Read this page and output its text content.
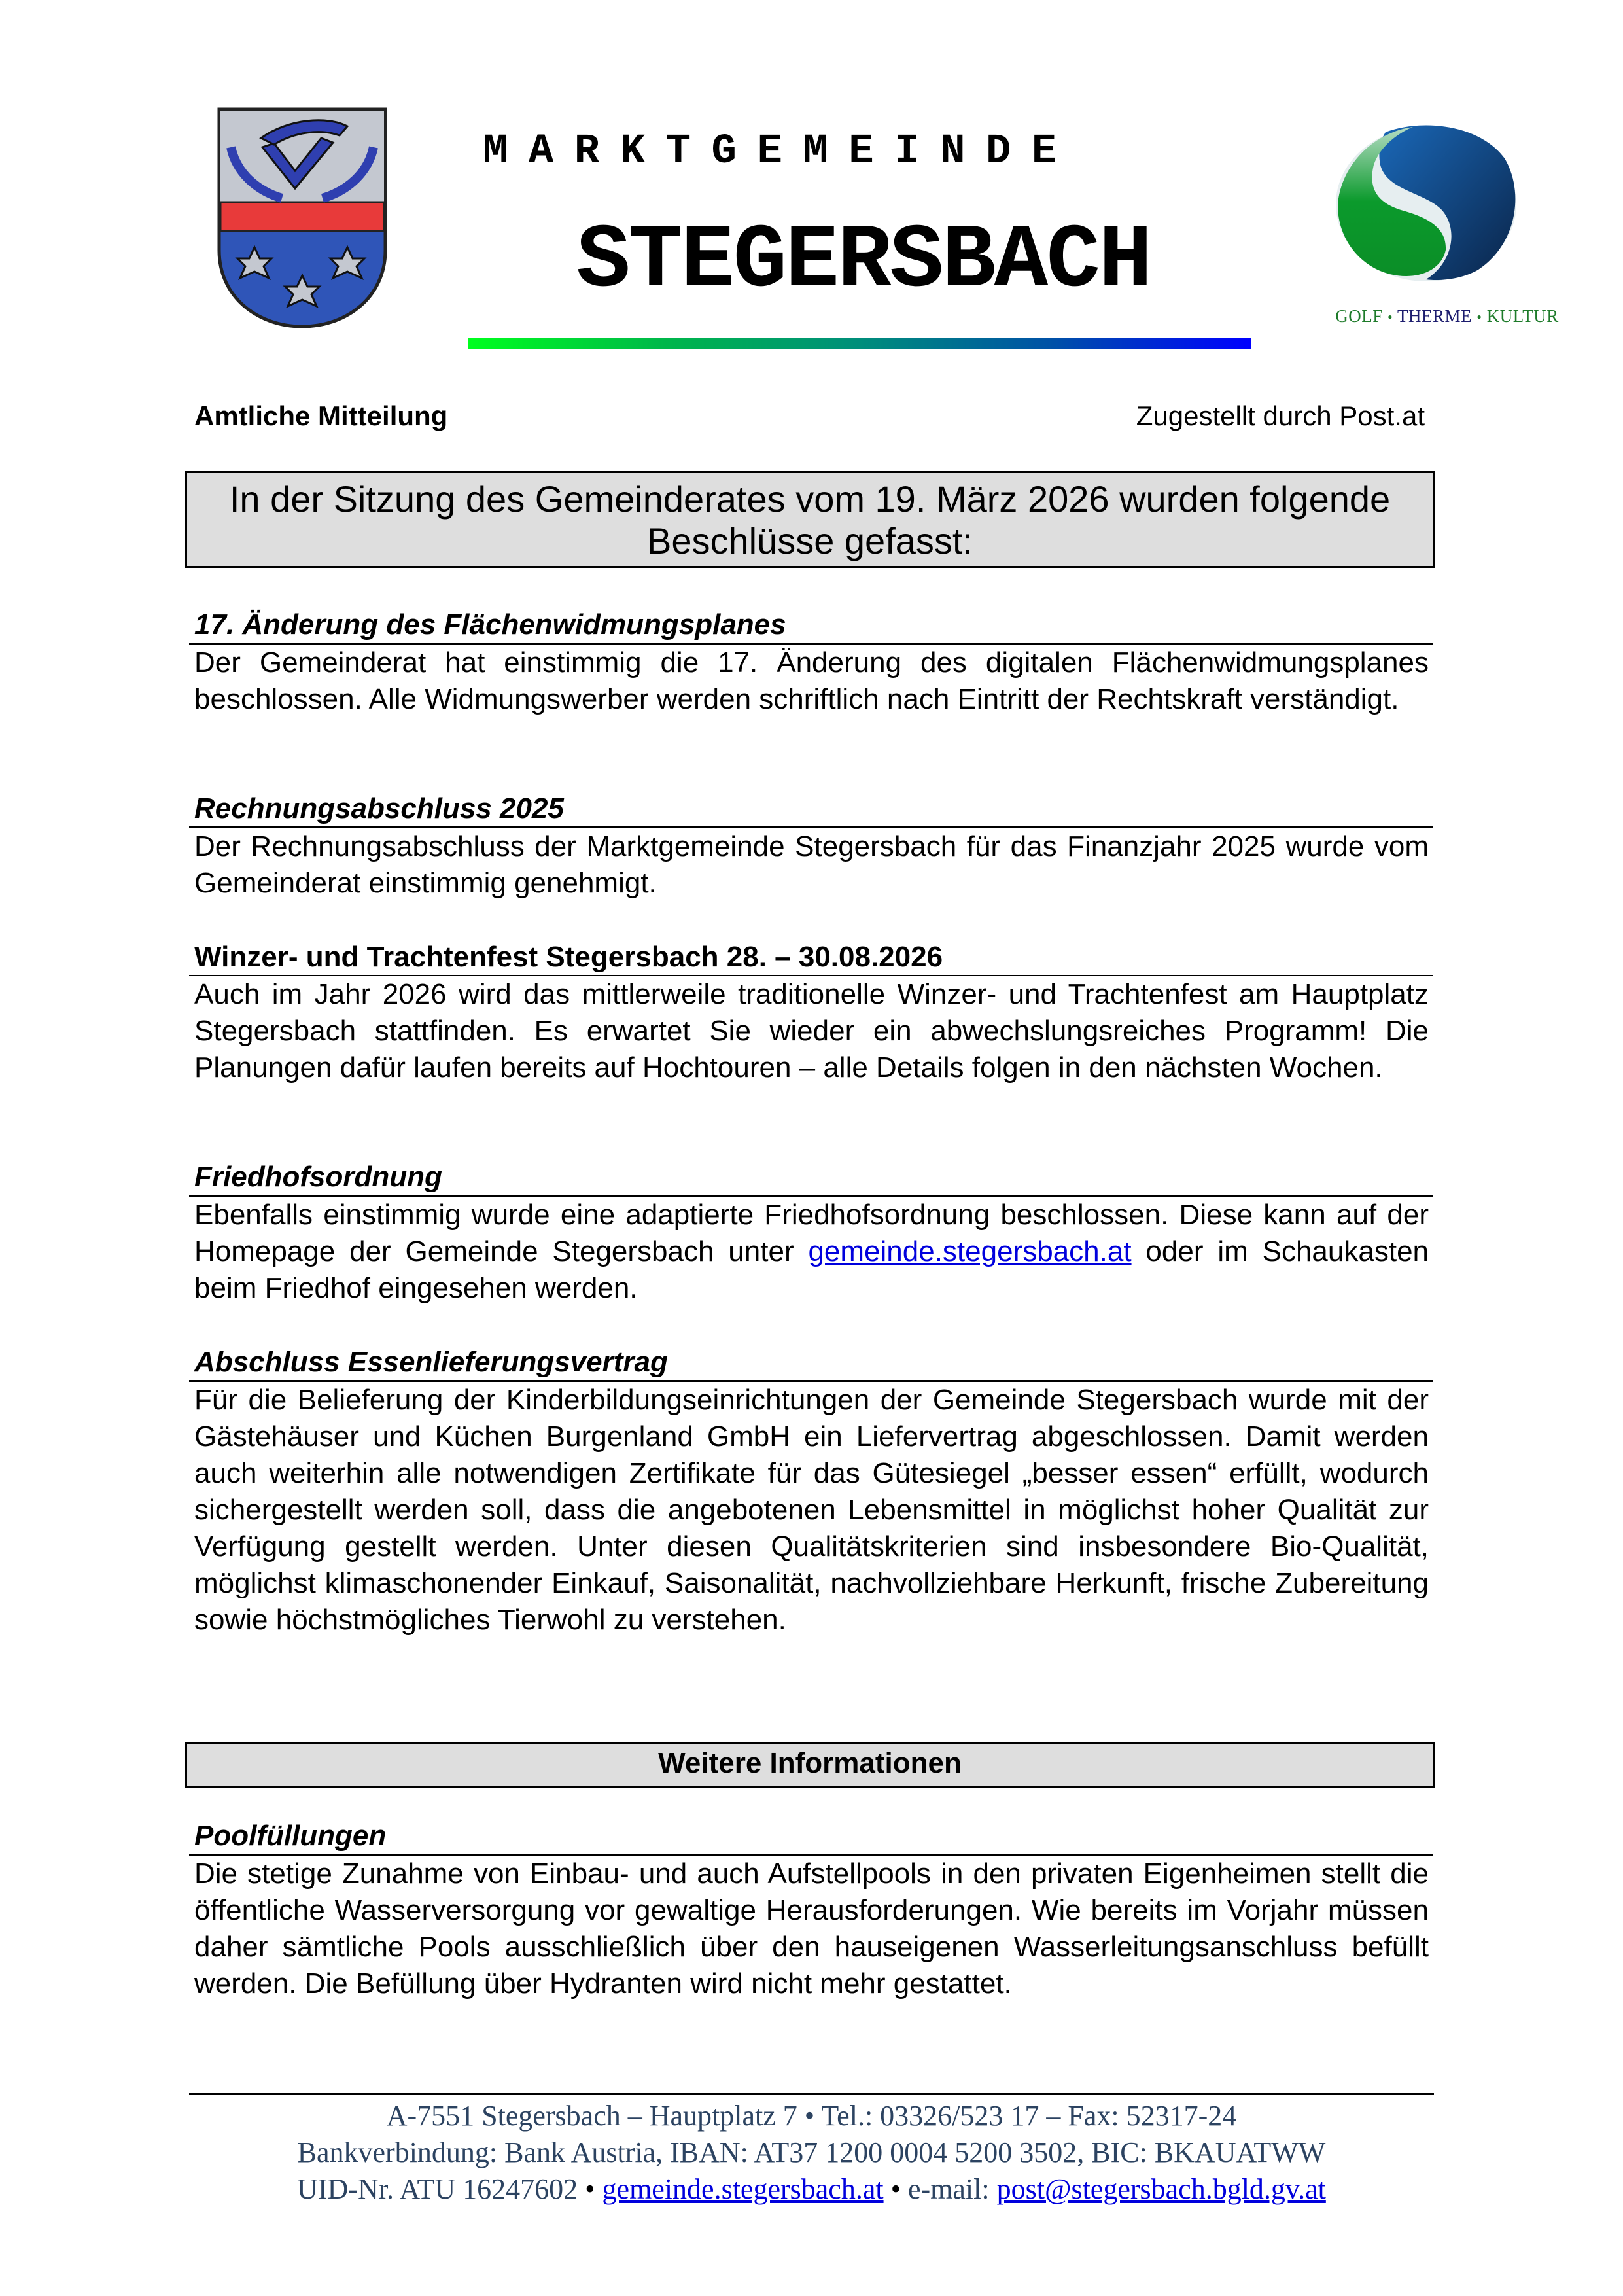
MARKTGEMEINDE
STEGERSBACH
GOLF • THERME • KULTUR
Amtliche Mitteilung	Zugestellt durch Post.at
In der Sitzung des Gemeinderates vom 19. März 2026 wurden folgende Beschlüsse gefasst:
17. Änderung des Flächenwidmungsplanes

Der Gemeinderat hat einstimmig die 17. Änderung des digitalen Flächenwidmungsplanes beschlossen. Alle Widmungswerber werden schriftlich nach Eintritt der Rechtskraft verständigt.

Rechnungsabschluss 2025

Der Rechnungsabschluss der Marktgemeinde Stegersbach für das Finanzjahr 2025 wurde vom Gemeinderat einstimmig genehmigt.

Winzer- und Trachtenfest Stegersbach 28. – 30.08.2026

Auch im Jahr 2026 wird das mittlerweile traditionelle Winzer- und Trachtenfest am Hauptplatz Stegersbach stattfinden. Es erwartet Sie wieder ein abwechslungsreiches Programm! Die Planungen dafür laufen bereits auf Hochtouren – alle Details folgen in den nächsten Wochen.

Friedhofsordnung

Ebenfalls einstimmig wurde eine adaptierte Friedhofsordnung beschlossen. Diese kann auf der Homepage der Gemeinde Stegersbach unter gemeinde.stegersbach.at oder im Schaukasten beim Friedhof eingesehen werden.

Abschluss Essenlieferungsvertrag

Für die Belieferung der Kinderbildungseinrichtungen der Gemeinde Stegersbach wurde mit der Gästehäuser und Küchen Burgenland GmbH ein Liefervertrag abgeschlossen. Damit werden auch weiterhin alle notwendigen Zertifikate für das Gütesiegel „besser essen“ erfüllt, wodurch sichergestellt werden soll, dass die angebotenen Lebensmittel in möglichst hoher Qualität zur Verfügung gestellt werden. Unter diesen Qualitätskriterien sind insbesondere Bio-Qualität, möglichst klimaschonender Einkauf, Saisonalität, nachvollziehbare Herkunft, frische Zubereitung sowie höchstmögliches Tierwohl zu verstehen.

Weitere Informationen
Poolfüllungen

Die stetige Zunahme von Einbau- und auch Aufstellpools in den privaten Eigenheimen stellt die öffentliche Wasserversorgung vor gewaltige Herausforderungen. Wie bereits im Vorjahr müssen daher sämtliche Pools ausschließlich über den hauseigenen Wasserleitungsanschluss befüllt werden. Die Befüllung über Hydranten wird nicht mehr gestattet.

A-7551 Stegersbach – Hauptplatz 7 • Tel.: 03326/523 17 – Fax: 52317-24
Bankverbindung: Bank Austria, IBAN: AT37 1200 0004 5200 3502, BIC: BKAUATWW
UID-Nr. ATU 16247602 • gemeinde.stegersbach.at • e-mail: post@stegersbach.bgld.gv.at
